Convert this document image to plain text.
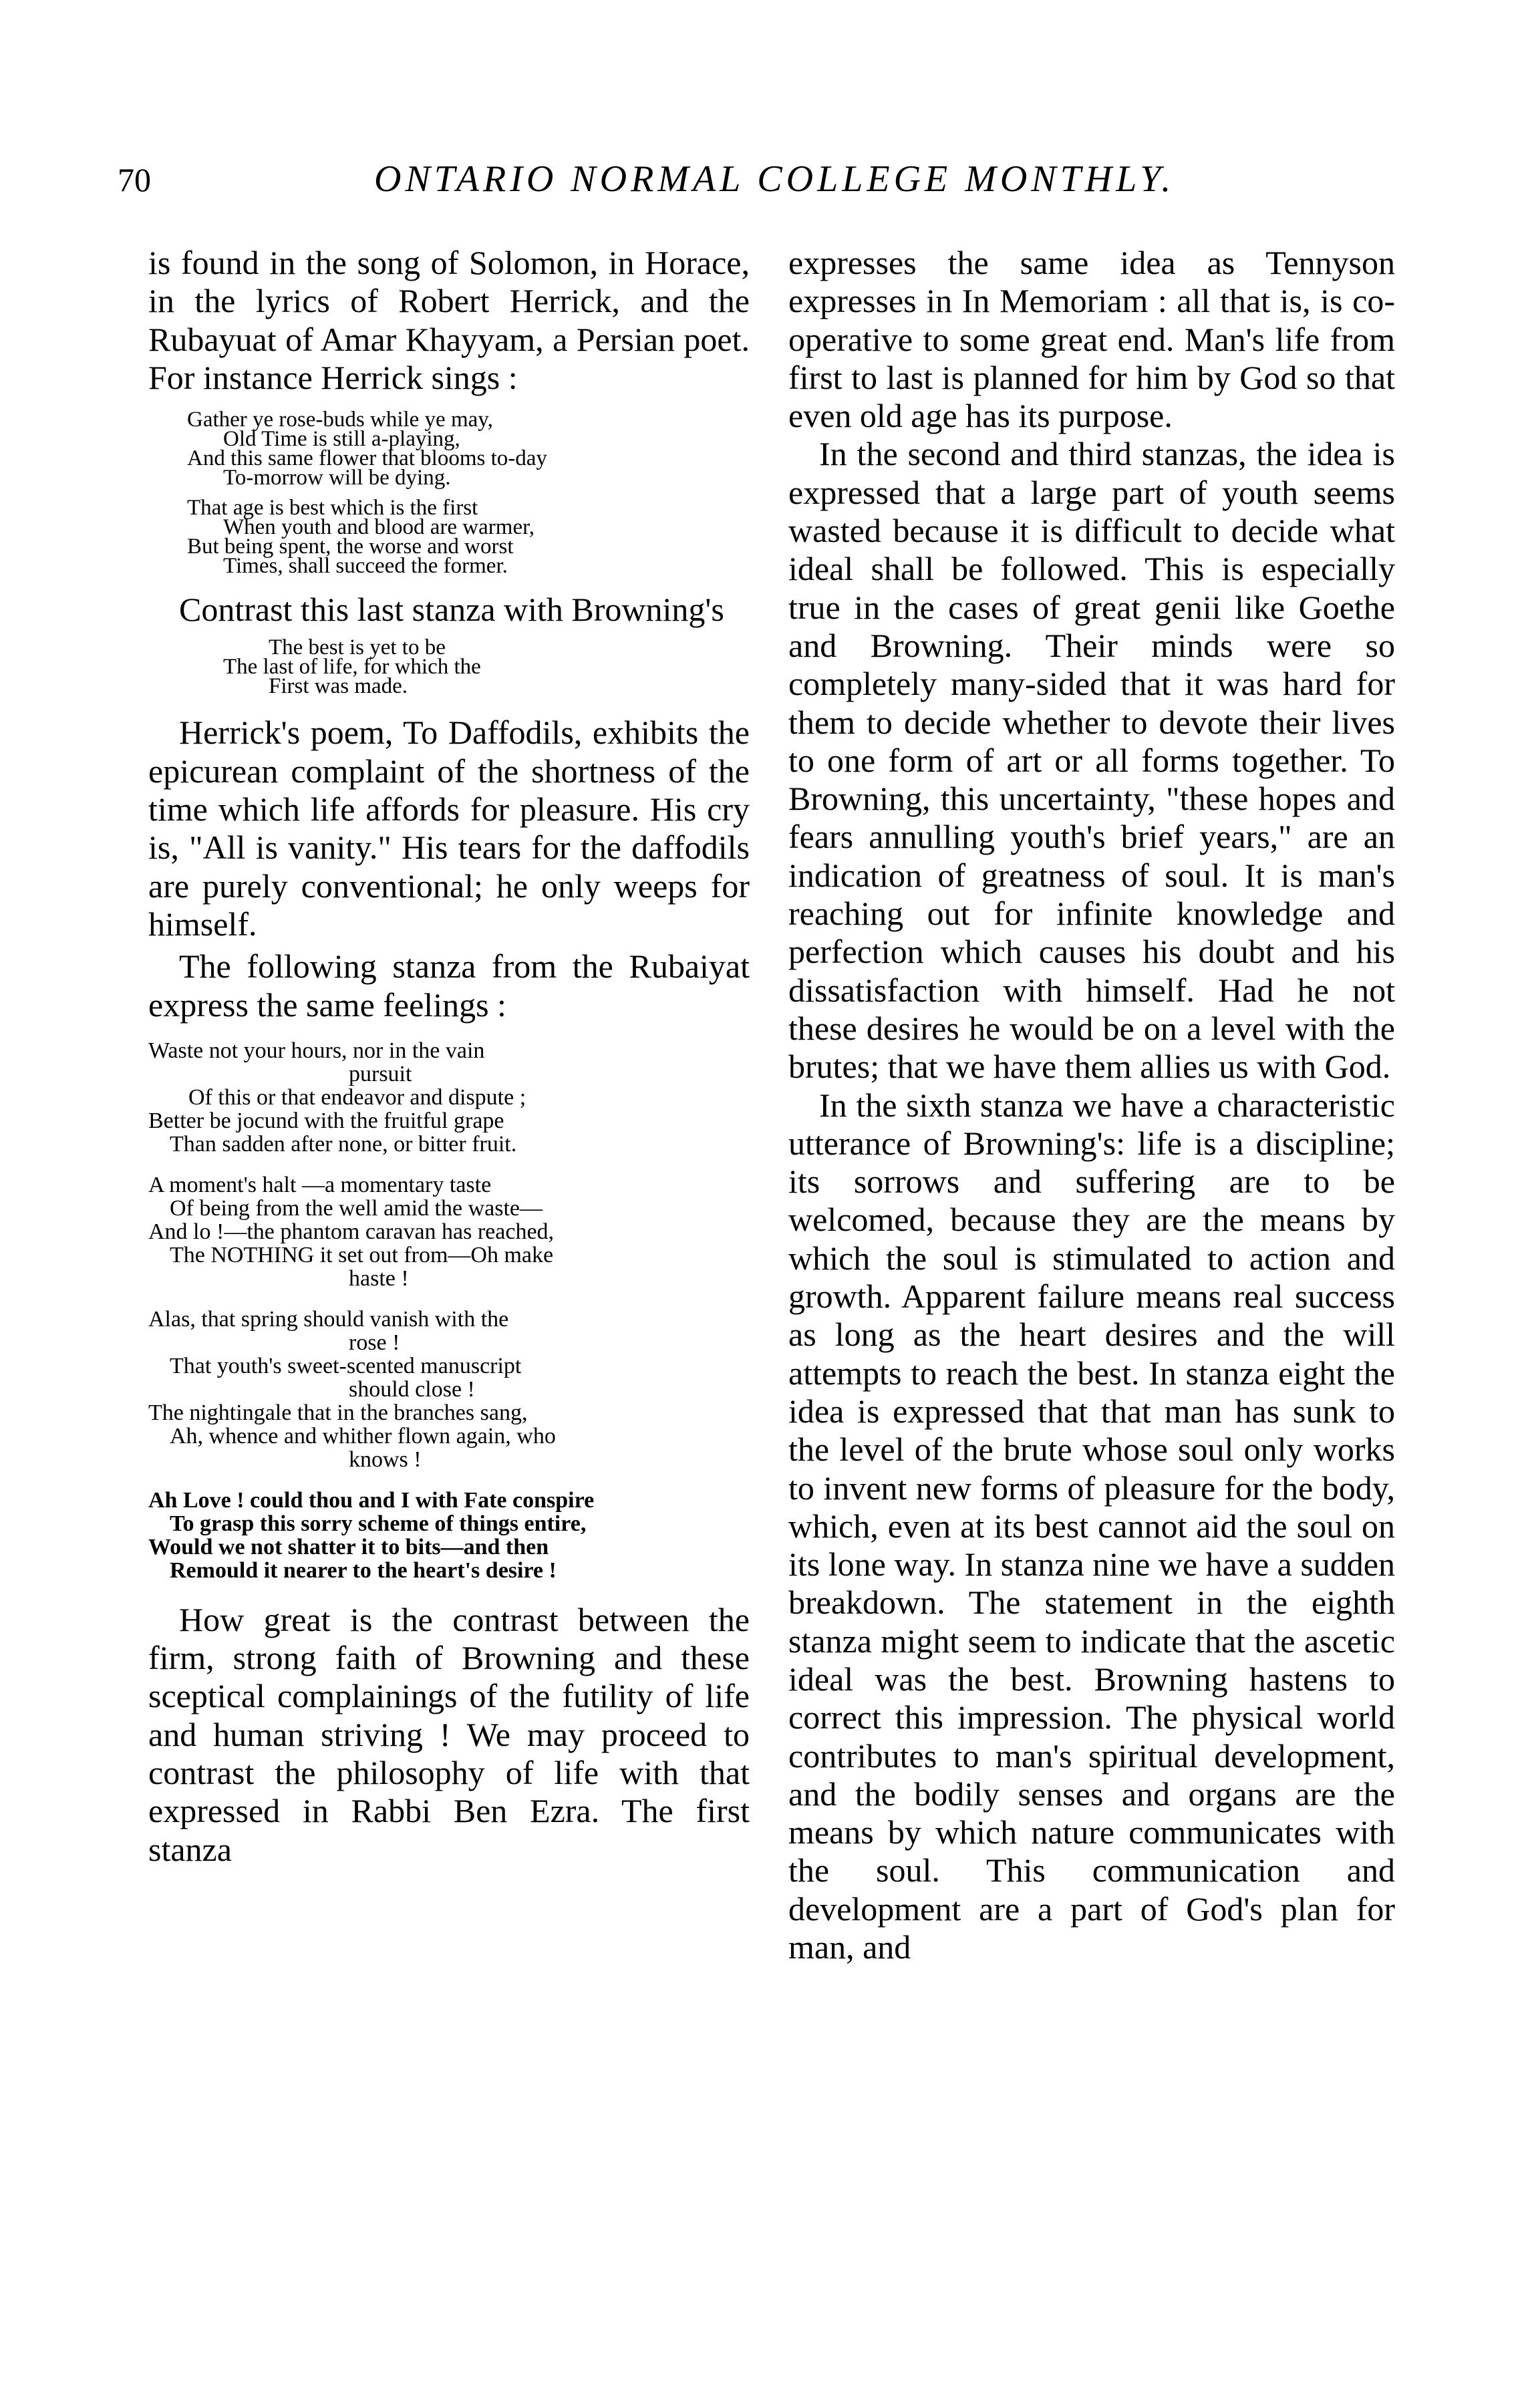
70	ONTARIO NORMAL COLLEGE MONTHLY.

is found in the song of Solomon, in Horace, in the lyrics of Robert Herrick, and the Rubayuat of Amar Khayyam, a Persian poet. For instance Herrick sings :

Gather ye rose-buds while ye may,
Old Time is still a-playing,
And this same flower that blooms to-day
To-morrow will be dying.
That age is best which is the first
When youth and blood are warmer,
But being spent, the worse and worst
Times, shall succeed the former.

Contrast this last stanza with Browning's

The best is yet to be
The last of life, for which the
First was made.

Herrick's poem, To Daffodils, exhibits the epicurean complaint of the shortness of the time which life affords for pleasure. His cry is, "All is vanity." His tears for the daffodils are purely conventional; he only weeps for himself.

The following stanza from the Rubaiyat express the same feelings :

Waste not your hours, nor in the vain
pursuit
Of this or that endeavor and dispute ;
Better be jocund with the fruitful grape
Than sadden after none, or bitter fruit.
A moment's halt —a momentary taste
Of being from the well amid the waste—
And lo !—the phantom caravan has reached,
The NOTHING it set out from—Oh make
haste !
Alas, that spring should vanish with the
rose !
That youth's sweet-scented manuscript
should close !
The nightingale that in the branches sang,
Ah, whence and whither flown again, who
knows !
Ah Love ! could thou and I with Fate conspire
To grasp this sorry scheme of things entire,
Would we not shatter it to bits—and then
Remould it nearer to the heart's desire !

How great is the contrast between the firm, strong faith of Browning and these sceptical complainings of the futility of life and human striving ! We may proceed to contrast the philosophy of life with that expressed in Rabbi Ben Ezra. The first stanza

expresses the same idea as Tennyson expresses in In Memoriam : all that is, is co-operative to some great end. Man's life from first to last is planned for him by God so that even old age has its purpose.

In the second and third stanzas, the idea is expressed that a large part of youth seems wasted because it is difficult to decide what ideal shall be followed. This is especially true in the cases of great genii like Goethe and Browning. Their minds were so completely many-sided that it was hard for them to decide whether to devote their lives to one form of art or all forms together. To Browning, this uncertainty, "these hopes and fears annulling youth's brief years," are an indication of greatness of soul. It is man's reaching out for infinite knowledge and perfection which causes his doubt and his dissatisfaction with himself. Had he not these desires he would be on a level with the brutes; that we have them allies us with God.

In the sixth stanza we have a characteristic utterance of Browning's: life is a discipline; its sorrows and suffering are to be welcomed, because they are the means by which the soul is stimulated to action and growth. Apparent failure means real success as long as the heart desires and the will attempts to reach the best. In stanza eight the idea is expressed that that man has sunk to the level of the brute whose soul only works to invent new forms of pleasure for the body, which, even at its best cannot aid the soul on its lone way. In stanza nine we have a sudden breakdown. The statement in the eighth stanza might seem to indicate that the ascetic ideal was the best. Browning hastens to correct this impression. The physical world contributes to man's spiritual development, and the bodily senses and organs are the means by which nature communicates with the soul. This communication and development are a part of God's plan for man, and
